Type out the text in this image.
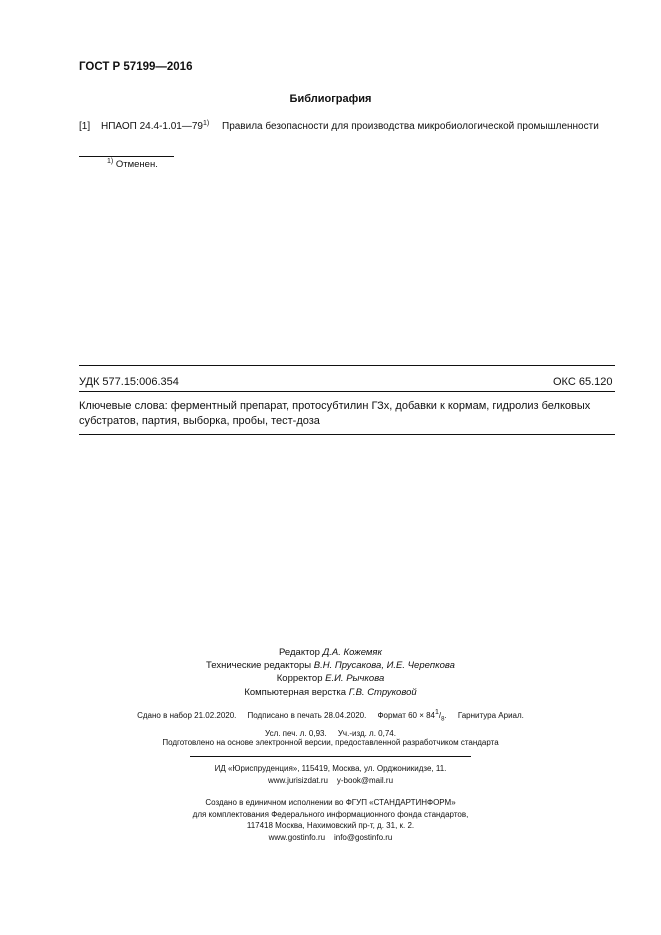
ГОСТ Р 57199—2016
Библиография
[1] НПАОП 24.4-1.01—79$^{1)}$ Правила безопасности для производства микробиологической промышленности
$^{1)}$ Отменен.
УДК 577.15:006.354	ОКС 65.120
Ключевые слова: ферментный препарат, протосубтилин ГЗх, добавки к кормам, гидролиз белковых субстратов, партия, выборка, пробы, тест-доза
Редактор Д.А. Кожемяк
Технические редакторы В.Н. Прусакова, И.Е. Черепкова
Корректор Е.И. Рычкова
Компьютерная верстка Г.В. Струковой
Сдано в набор 21.02.2020. Подписано в печать 28.04.2020. Формат $60 \times 84^1/_8$. Гарнитура Ариал.
Усл. печ. л. 0,93. Уч.-изд. л. 0,74.
Подготовлено на основе электронной версии, предоставленной разработчиком стандарта
ИД «Юриспруденция», 115419, Москва, ул. Орджоникидзе, 11.
www.jurisizdat.ru y-book@mail.ru
Создано в единичном исполнении во ФГУП «СТАНДАРТИНФОРМ»
для комплектования Федерального информационного фонда стандартов,
117418 Москва, Нахимовский пр-т, д. 31, к. 2.
www.gostinfo.ru info@gostinfo.ru
